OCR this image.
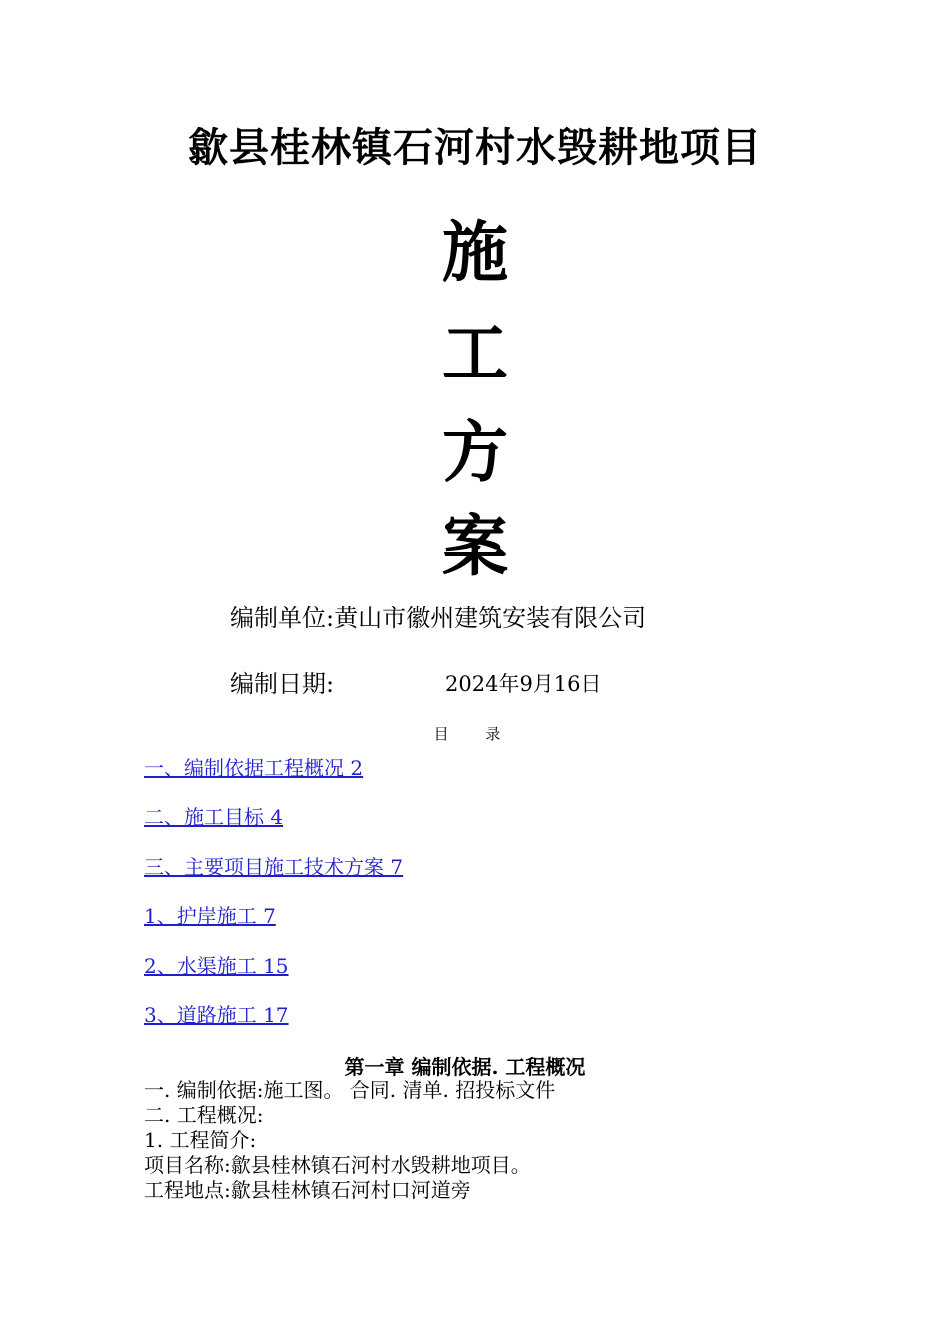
歙县桂林镇石河村水毁耕地项目
施
工
方
案
编制单位:黄山市徽州建筑安装有限公司
编制日期:	2024年9月16日
目 录
一、编制依据工程概况 2
二、施工目标 4
三、主要项目施工技术方案 7
1、护岸施工 7
2、水渠施工 15
3、道路施工 17
第一章 编制依据. 工程概况
一. 编制依据:施工图。 合同. 清单. 招投标文件
二. 工程概况:
1. 工程简介:
项目名称:歙县桂林镇石河村水毁耕地项目。
工程地点:歙县桂林镇石河村口河道旁
